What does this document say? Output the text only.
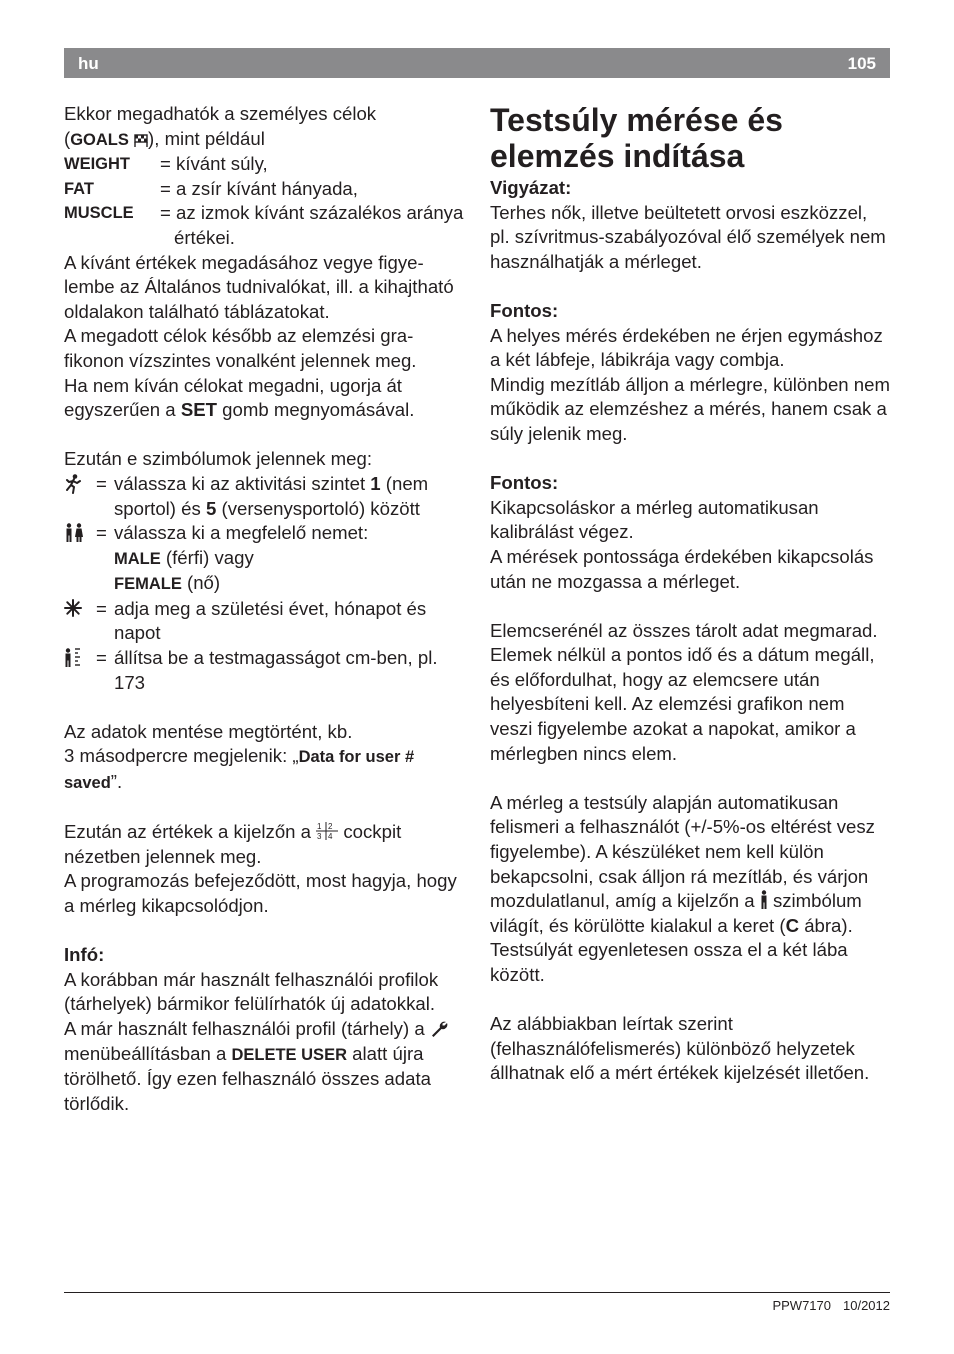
hu	105

Ekkor megadhatók a személyes célok
(GOALS ), mint például

WEIGHT	= kívánt súly,
FAT	= a zsír kívánt hányada,
MUSCLE	= az izmok kívánt százalékos aránya értékei.

A kívánt értékek megadásához vegye figyelembe az Általános tudnivalókat, ill. a kihajtható oldalakon található táblázatokat.

A megadott célok később az elemzési grafikonon vízszintes vonalként jelennek meg.

Ha nem kíván célokat megadni, ugorja át egyszerűen a SET gomb megnyomásával.

Ezután e szimbólumok jelennek meg:

= válassza ki az aktivitási szintet 1 (nem sportol) és 5 (versenysportoló) között
= válassza ki a megfelelő nemet:

MALE (férfi) vagy

FEMALE (nő)

= adja meg a születési évet, hónapot és napot
= állítsa be a testmagasságot cm-ben, pl. 173

Az adatok mentése megtörtént, kb.
3 másodpercre megjelenik: „Data for user # saved”.

Ezután az értékek a kijelzőn a 1 2
3 4 cockpit nézetben jelennek meg.

A programozás befejeződött, most hagyja, hogy a mérleg kikapcsolódjon.

Infó:

A korábban már használt felhasználói profilok (tárhelyek) bármikor felülírhatók új adatokkal.

A már használt felhasználói profil (tárhely) a  menübeállításban a DELETE USER alatt újra törölhető. Így ezen felhasználó összes adata törlődik.

Testsúly mérése és elemzés indítása

Vigyázat:

Terhes nők, illetve beültetett orvosi eszközzel, pl. szívritmus-szabályozóval élő személyek nem használhatják a mérleget.

Fontos:

A helyes mérés érdekében ne érjen egymáshoz a két lábfeje, lábikrája vagy combja.

Mindig mezítláb álljon a mérlegre, különben nem működik az elemzéshez a mérés, hanem csak a súly jelenik meg.

Fontos:

Kikapcsoláskor a mérleg automatikusan kalibrálást végez.

A mérések pontossága érdekében kikapcsolás után ne mozgassa a mérleget.

Elemcserénél az összes tárolt adat megmarad. Elemek nélkül a pontos idő és a dátum megáll, és előfordulhat, hogy az elemcsere után helyesbíteni kell. Az elemzési grafikon nem veszi figyelembe azokat a napokat, amikor a mérlegben nincs elem.

A mérleg a testsúly alapján automatikusan felismeri a felhasználót (+/-5%-os eltérést vesz figyelembe). A készüléket nem kell külön bekapcsolni, csak álljon rá mezítláb, és várjon mozdulatlanul, amíg a kijelzőn a szimbólum világít, és körülötte kialakul a keret (C ábra). Testsúlyát egyenletesen ossza el a két lába között.

Az alábbiakban leírtak szerint (felhasználófelismerés) különböző helyzetek állhatnak elő a mért értékek kijelzését illetően.

PPW7170 10/2012
